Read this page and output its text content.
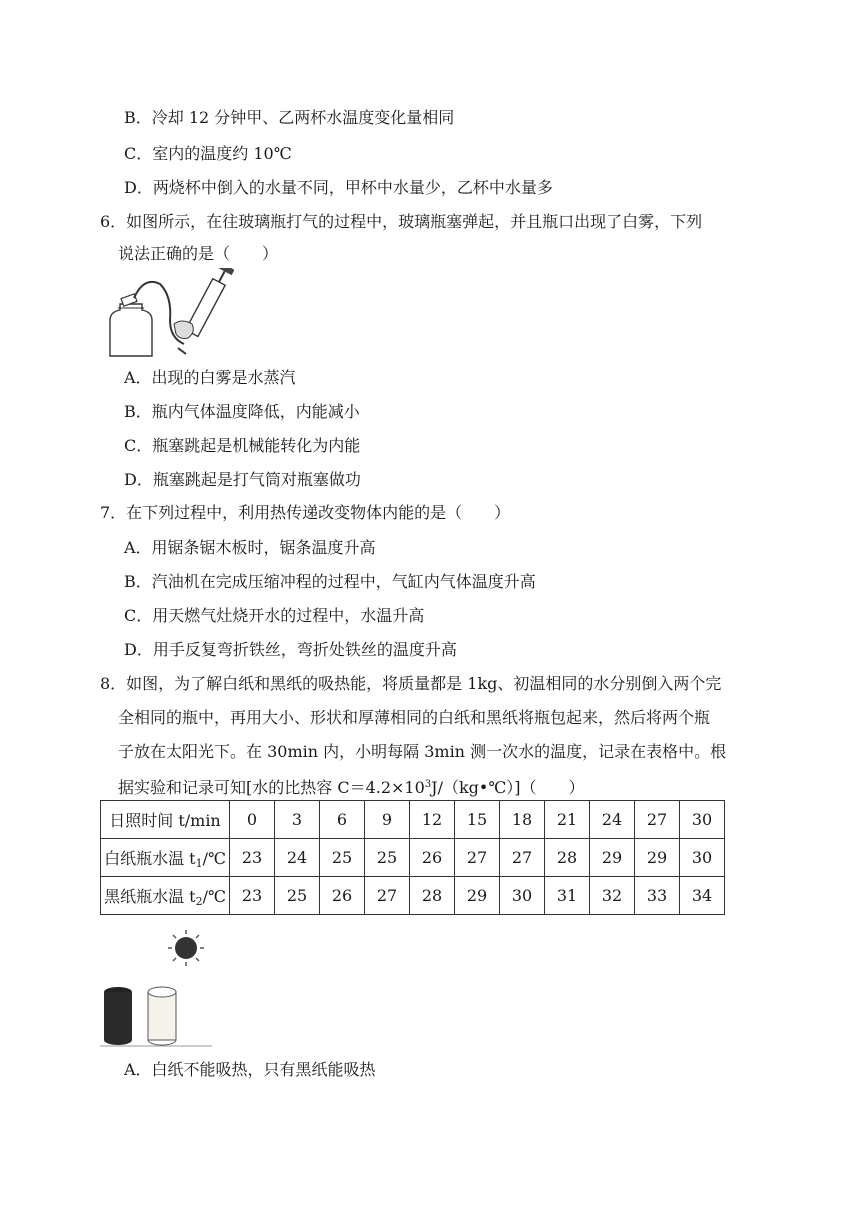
B．冷却 12 分钟甲、乙两杯水温度变化量相同
C．室内的温度约 10℃
D．两烧杯中倒入的水量不同，甲杯中水量少，乙杯中水量多
6．如图所示，在往玻璃瓶打气的过程中，玻璃瓶塞弹起，并且瓶口出现了白雾，下列
说法正确的是（　　）
A．出现的白雾是水蒸汽
B．瓶内气体温度降低，内能减小
C．瓶塞跳起是机械能转化为内能
D．瓶塞跳起是打气筒对瓶塞做功
7．在下列过程中，利用热传递改变物体内能的是（　　）
A．用锯条锯木板时，锯条温度升高
B．汽油机在完成压缩冲程的过程中，气缸内气体温度升高
C．用天燃气灶烧开水的过程中，水温升高
D．用手反复弯折铁丝，弯折处铁丝的温度升高
8．如图，为了解白纸和黑纸的吸热能，将质量都是 1kg、初温相同的水分别倒入两个完
全相同的瓶中，再用大小、形状和厚薄相同的白纸和黑纸将瓶包起来，然后将两个瓶
子放在太阳光下。在 30min 内，小明每隔 3min 测一次水的温度，记录在表格中。根
据实验和记录可知[水的比热容 $C=4.2\times 10^3J/(kg•℃)$]（　　）
日照时间 t/min	0	3	6	9	12	15	18	21	24	27	30
白纸瓶水温 $t_1/℃$	23	24	25	25	26	27	27	28	29	29	30
黑纸瓶水温 $t_2/℃$	23	25	26	27	28	29	30	31	32	33	34
A．白纸不能吸热，只有黑纸能吸热
